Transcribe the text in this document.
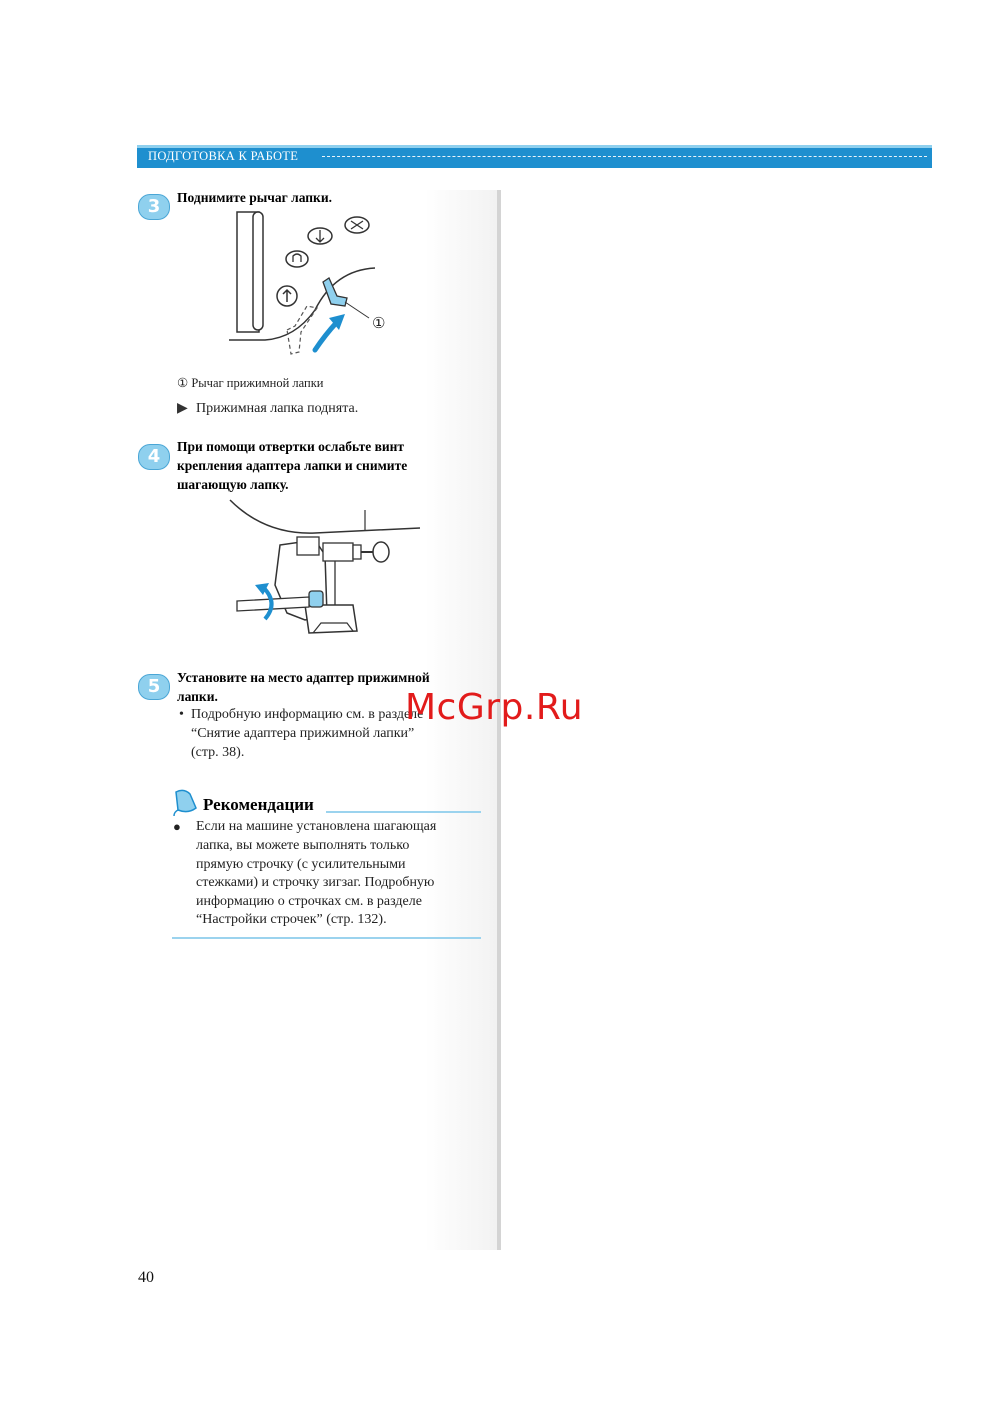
ПОДГОТОВКА К РАБОТЕ
3	Поднимите рычаг лапки.
①
① Рычаг прижимной лапки
▶ Прижимная лапка поднята.
4	При помощи отвертки ослабьте винт
крепления адаптера лапки и снимите
шагающую лапку.
5	Установите на место адаптер прижимной
лапки.
• Подробную информацию см. в разделе
“Снятие адаптера прижимной лапки”
(стр. 38).
Рекомендации
● Если на машине установлена шагающая
лапка, вы можете выполнять только
прямую строчку (с усилительными
стежками) и строчку зигзаг. Подробную
информацию о строчках см. в разделе
“Настройки строчек” (стр. 132).
McGrp.Ru
40
